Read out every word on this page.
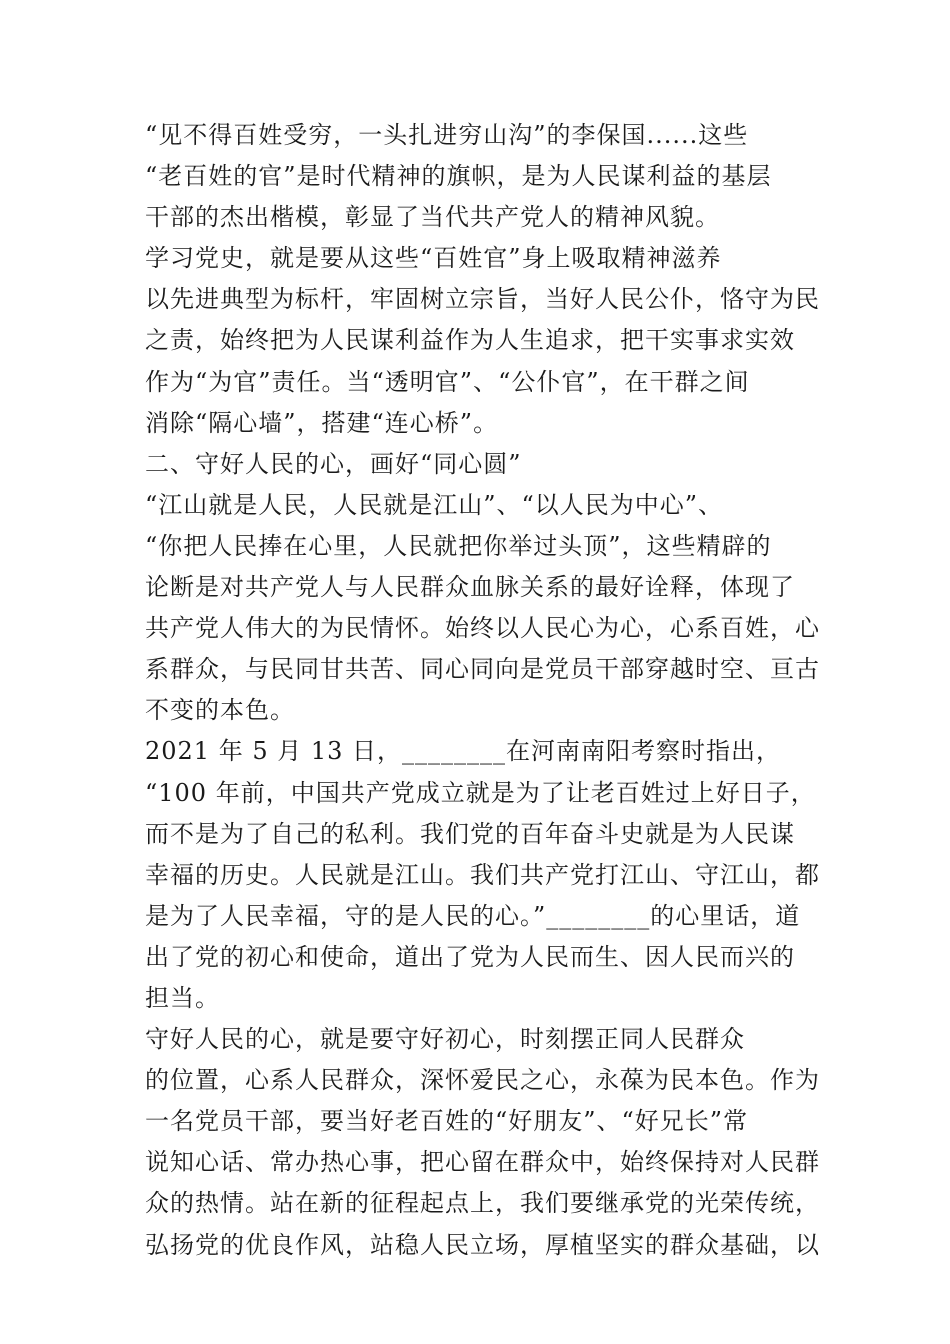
“见不得百姓受穷，一头扎进穷山沟”的李保国......这些
“老百姓的官”是时代精神的旗帜，是为人民谋利益的基层
干部的杰出楷模，彰显了当代共产党人的精神风貌。
学习党史，就是要从这些“百姓官”身上吸取精神滋养
以先进典型为标杆，牢固树立宗旨，当好人民公仆，恪守为民
之责，始终把为人民谋利益作为人生追求，把干实事求实效
作为“为官”责任。当“透明官”、“公仆官”，在干群之间
消除“隔心墙”，搭建“连心桥”。
二、守好人民的心，画好“同心圆”
“江山就是人民，人民就是江山”、“以人民为中心”、
“你把人民捧在心里，人民就把你举过头顶”，这些精辟的
论断是对共产党人与人民群众血脉关系的最好诠释，体现了
共产党人伟大的为民情怀。始终以人民心为心，心系百姓，心
系群众，与民同甘共苦、同心同向是党员干部穿越时空、亘古
不变的本色。
2021 年 5 月 13 日，________在河南南阳考察时指出，
“100 年前，中国共产党成立就是为了让老百姓过上好日子，
而不是为了自己的私利。我们党的百年奋斗史就是为人民谋
幸福的历史。人民就是江山。我们共产党打江山、守江山，都
是为了人民幸福，守的是人民的心。”________的心里话，道
出了党的初心和使命，道出了党为人民而生、因人民而兴的
担当。
守好人民的心，就是要守好初心，时刻摆正同人民群众
的位置，心系人民群众，深怀爱民之心，永葆为民本色。作为
一名党员干部，要当好老百姓的“好朋友”、“好兄长”常
说知心话、常办热心事，把心留在群众中，始终保持对人民群
众的热情。站在新的征程起点上，我们要继承党的光荣传统，
弘扬党的优良作风，站稳人民立场，厚植坚实的群众基础，以
